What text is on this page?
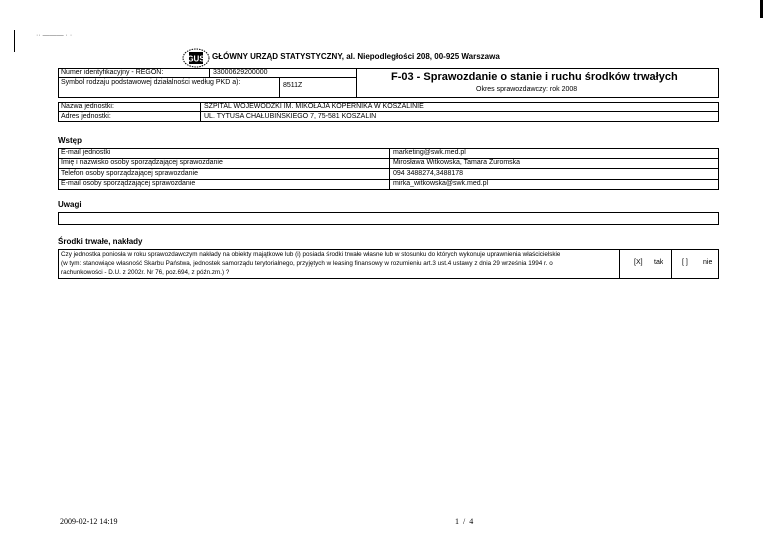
·· ——— · ·
GUS GŁÓWNY URZĄD STATYSTYCZNY, al. Niepodległości 208, 00-925 Warszawa
Numer identyfikacyjny - REGON:	33000629200000
Symbol rodzaju podstawowej działalności według PKD a):	8511Z
F-03 - Sprawozdanie o stanie i ruchu środków trwałych
Okres sprawozdawczy: rok 2008
Nazwa jednostki:	SZPITAL WOJEWÓDZKI IM. MIKOŁAJA KOPERNIKA W KOSZALINIE
Adres jednostki:	UL. TYTUSA CHAŁUBIŃSKIEGO 7, 75-581 KOSZALIN
Wstęp
E-mail jednostki	marketing@swk.med.pl
Imię i nazwisko osoby sporządzającej sprawozdanie	Mirosława Witkowska, Tamara Żuromska
Telefon osoby sporządzającej sprawozdanie	094 3488274,3488178
E-mail osoby sporządzającej sprawozdanie	mirka_witkowska@swk.med.pl
Uwagi
Środki trwałe, nakłady
Czy jednostka poniosła w roku sprawozdawczym nakłady na obiekty majątkowe lub (i) posiada środki trwałe własne lub w stosunku do których wykonuje uprawnienia właścicielskie
(w tym: stanowiące własność Skarbu Państwa, jednostek samorządu terytorialnego, przyjętych w leasing finansowy w rozumieniu art.3 ust.4 ustawy z dnia 29 września 1994 r. o
rachunkowości - D.U. z 2002r. Nr 76, poz.694, z późn.zm.) ?
[X] tak	[ ] nie
2009-02-12 14:19	1  /  4
